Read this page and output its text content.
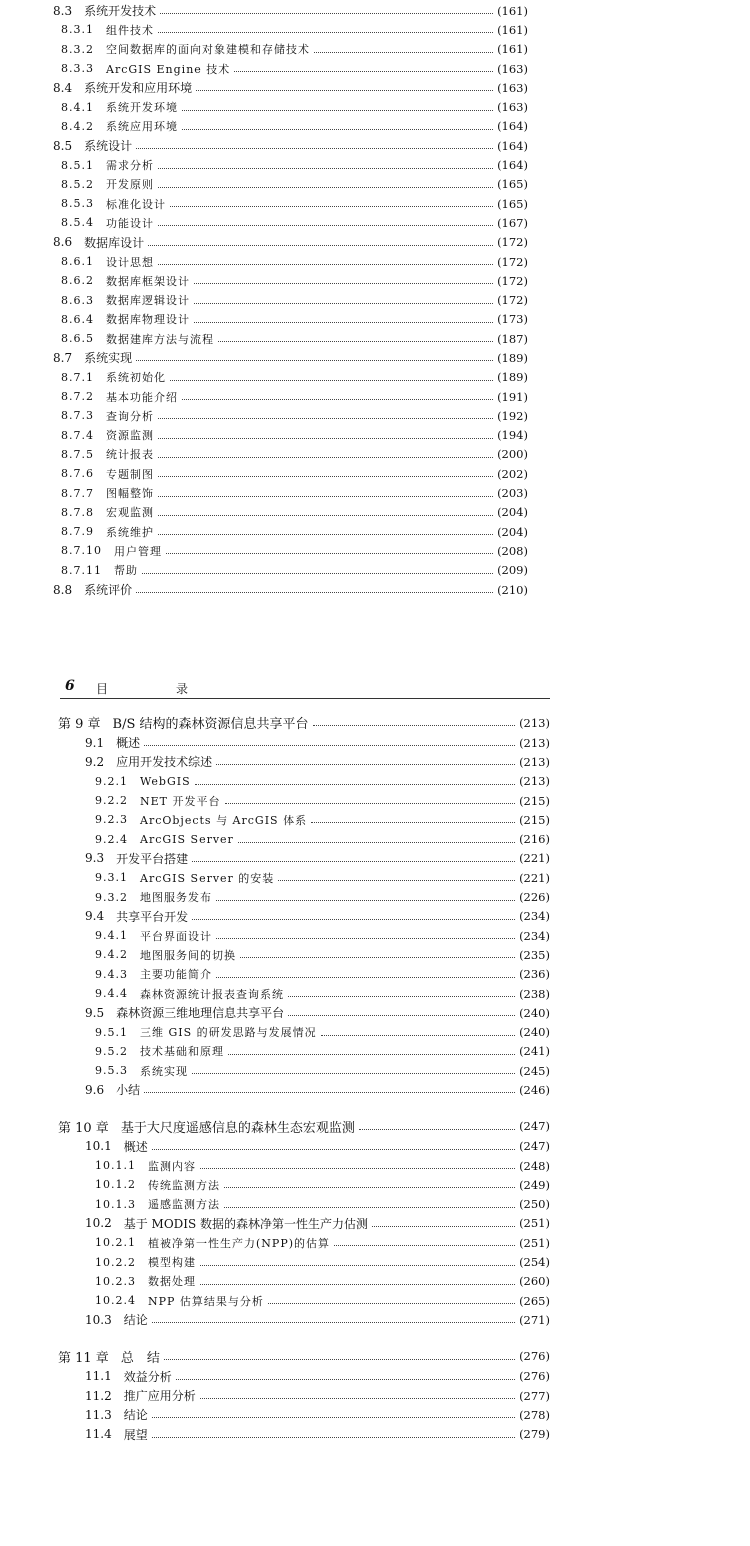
8.3 系统开发技术	(161)
8.3.1 组件技术	(161)
8.3.2 空间数据库的面向对象建模和存储技术	(161)
8.3.3 ArcGIS Engine 技术	(163)
8.4 系统开发和应用环境	(163)
8.4.1 系统开发环境	(163)
8.4.2 系统应用环境	(164)
8.5 系统设计	(164)
8.5.1 需求分析	(164)
8.5.2 开发原则	(165)
8.5.3 标准化设计	(165)
8.5.4 功能设计	(167)
8.6 数据库设计	(172)
8.6.1 设计思想	(172)
8.6.2 数据库框架设计	(172)
8.6.3 数据库逻辑设计	(172)
8.6.4 数据库物理设计	(173)
8.6.5 数据建库方法与流程	(187)
8.7 系统实现	(189)
8.7.1 系统初始化	(189)
8.7.2 基本功能介绍	(191)
8.7.3 查询分析	(192)
8.7.4 资源监测	(194)
8.7.5 统计报表	(200)
8.7.6 专题制图	(202)
8.7.7 图幅整饰	(203)
8.7.8 宏观监测	(204)
8.7.9 系统维护	(204)
8.7.10 用户管理	(208)
8.7.11 帮助	(209)
8.8 系统评价	(210)
6 目　录
第 9 章 B/S 结构的森林资源信息共享平台	(213)
9.1 概述	(213)
9.2 应用开发技术综述	(213)
9.2.1 WebGIS	(213)
9.2.2 NET 开发平台	(215)
9.2.3 ArcObjects 与 ArcGIS 体系	(215)
9.2.4 ArcGIS Server	(216)
9.3 开发平台搭建	(221)
9.3.1 ArcGIS Server 的安装	(221)
9.3.2 地图服务发布	(226)
9.4 共享平台开发	(234)
9.4.1 平台界面设计	(234)
9.4.2 地图服务间的切换	(235)
9.4.3 主要功能简介	(236)
9.4.4 森林资源统计报表查询系统	(238)
9.5 森林资源三维地理信息共享平台	(240)
9.5.1 三维 GIS 的研发思路与发展情况	(240)
9.5.2 技术基础和原理	(241)
9.5.3 系统实现	(245)
9.6 小结	(246)
第 10 章 基于大尺度遥感信息的森林生态宏观监测	(247)
10.1 概述	(247)
10.1.1 监测内容	(248)
10.1.2 传统监测方法	(249)
10.1.3 遥感监测方法	(250)
10.2 基于 MODIS 数据的森林净第一性生产力估测	(251)
10.2.1 植被净第一性生产力(NPP)的估算	(251)
10.2.2 模型构建	(254)
10.2.3 数据处理	(260)
10.2.4 NPP 估算结果与分析	(265)
10.3 结论	(271)
第 11 章 总　结	(276)
11.1 效益分析	(276)
11.2 推广应用分析	(277)
11.3 结论	(278)
11.4 展望	(279)
